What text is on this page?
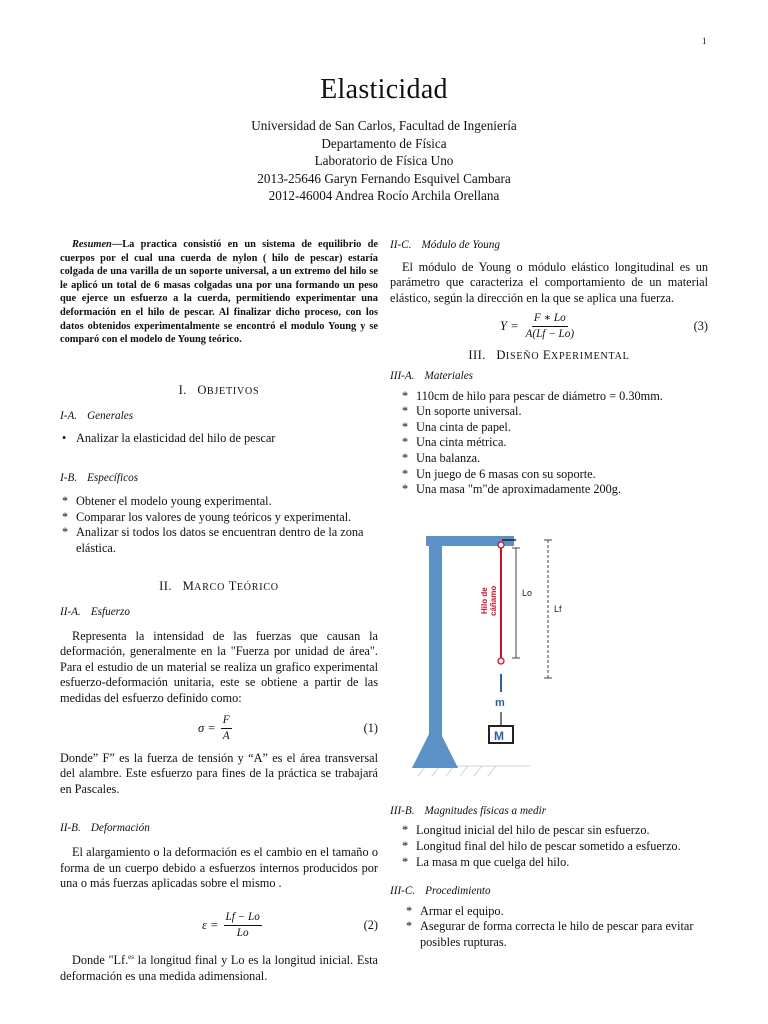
1
Elasticidad
Universidad de San Carlos, Facultad de Ingeniería
Departamento de Física
Laboratorio de Física Uno
2013-25646 Garyn Fernando Esquivel Cambara
2012-46004 Andrea Rocío Archila Orellana

Resumen—La practica consistió en un sistema de equilibrio de cuerpos por el cual una cuerda de nylon ( hilo de pescar) estaría colgada de una varilla de un soporte universal, a un extremo del hilo se le aplicó un total de 6 masas colgadas una por una formando un peso que ejerce un esfuerzo a la cuerda, permitiendo experimentar una deformación en el hilo de pescar. Al finalizar dicho proceso, con los datos obtenidos experimentalmente se encontró el modulo Young y se comparó con el modelo de Young teórico.

I. OBJETIVOS
I-A. Generales
• Analizar la elasticidad del hilo de pescar
I-B. Específicos
* Obtener el modelo young experimental.
* Comparar los valores de young teóricos y experimental.
* Analizar si todos los datos se encuentran dentro de la zona elástica.
II. MARCO TEÓRICO
II-A. Esfuerzo

Representa la intensidad de las fuerzas que causan la deformación, generalmente en la "Fuerza por unidad de área". Para el estudio de un material se realiza un grafico experimental esfuerzo-deformación unitaria, este se obtiene a partir de las medidas del esfuerzo definido como:

$\sigma = \frac{F}{A}$	(1)

Donde” F” es la fuerza de tensión y “A” es el área transversal del alambre. Este esfuerzo para fines de la práctica se trabajará en Pascales.

II-B. Deformación

El alargamiento o la deformación es el cambio en el tamaño o forma de un cuerpo debido a esfuerzos internos producidos por una o más fuerzas aplicadas sobre el mismo .

$\varepsilon = \frac{Lf - Lo}{Lo}$	(2)

Donde "Lf.$^{es}$ la longitud final y Lo es la longitud inicial. Esta deformación es una medida adimensional.

II-C. Módulo de Young

El módulo de Young o módulo elástico longitudinal es un parámetro que caracteriza el comportamiento de un material elástico, según la dirección en la que se aplica una fuerza.

$Y = \frac{F ∗ Lo}{A(Lf - Lo)}$	(3)
III. DISEÑO EXPERIMENTAL
III-A. Materiales
* 110cm de hilo para pescar de diámetro = 0.30mm.
* Un soporte universal.
* Una cinta de papel.
* Una cinta métrica.
* Una balanza.
* Un juego de 6 masas con su soporte.
* Una masa "m"de aproximadamente 200g.
Hilo de cáñamo	Lo
Lf
m
M
III-B. Magnitudes físicas a medir
* Longitud inicial del hilo de pescar sin esfuerzo.
* Longitud final del hilo de pescar sometido a esfuerzo.
* La masa m que cuelga del hilo.
III-C. Procedimiento
* Armar el equipo.
* Asegurar de forma correcta le hilo de pescar para evitar posibles rupturas.
